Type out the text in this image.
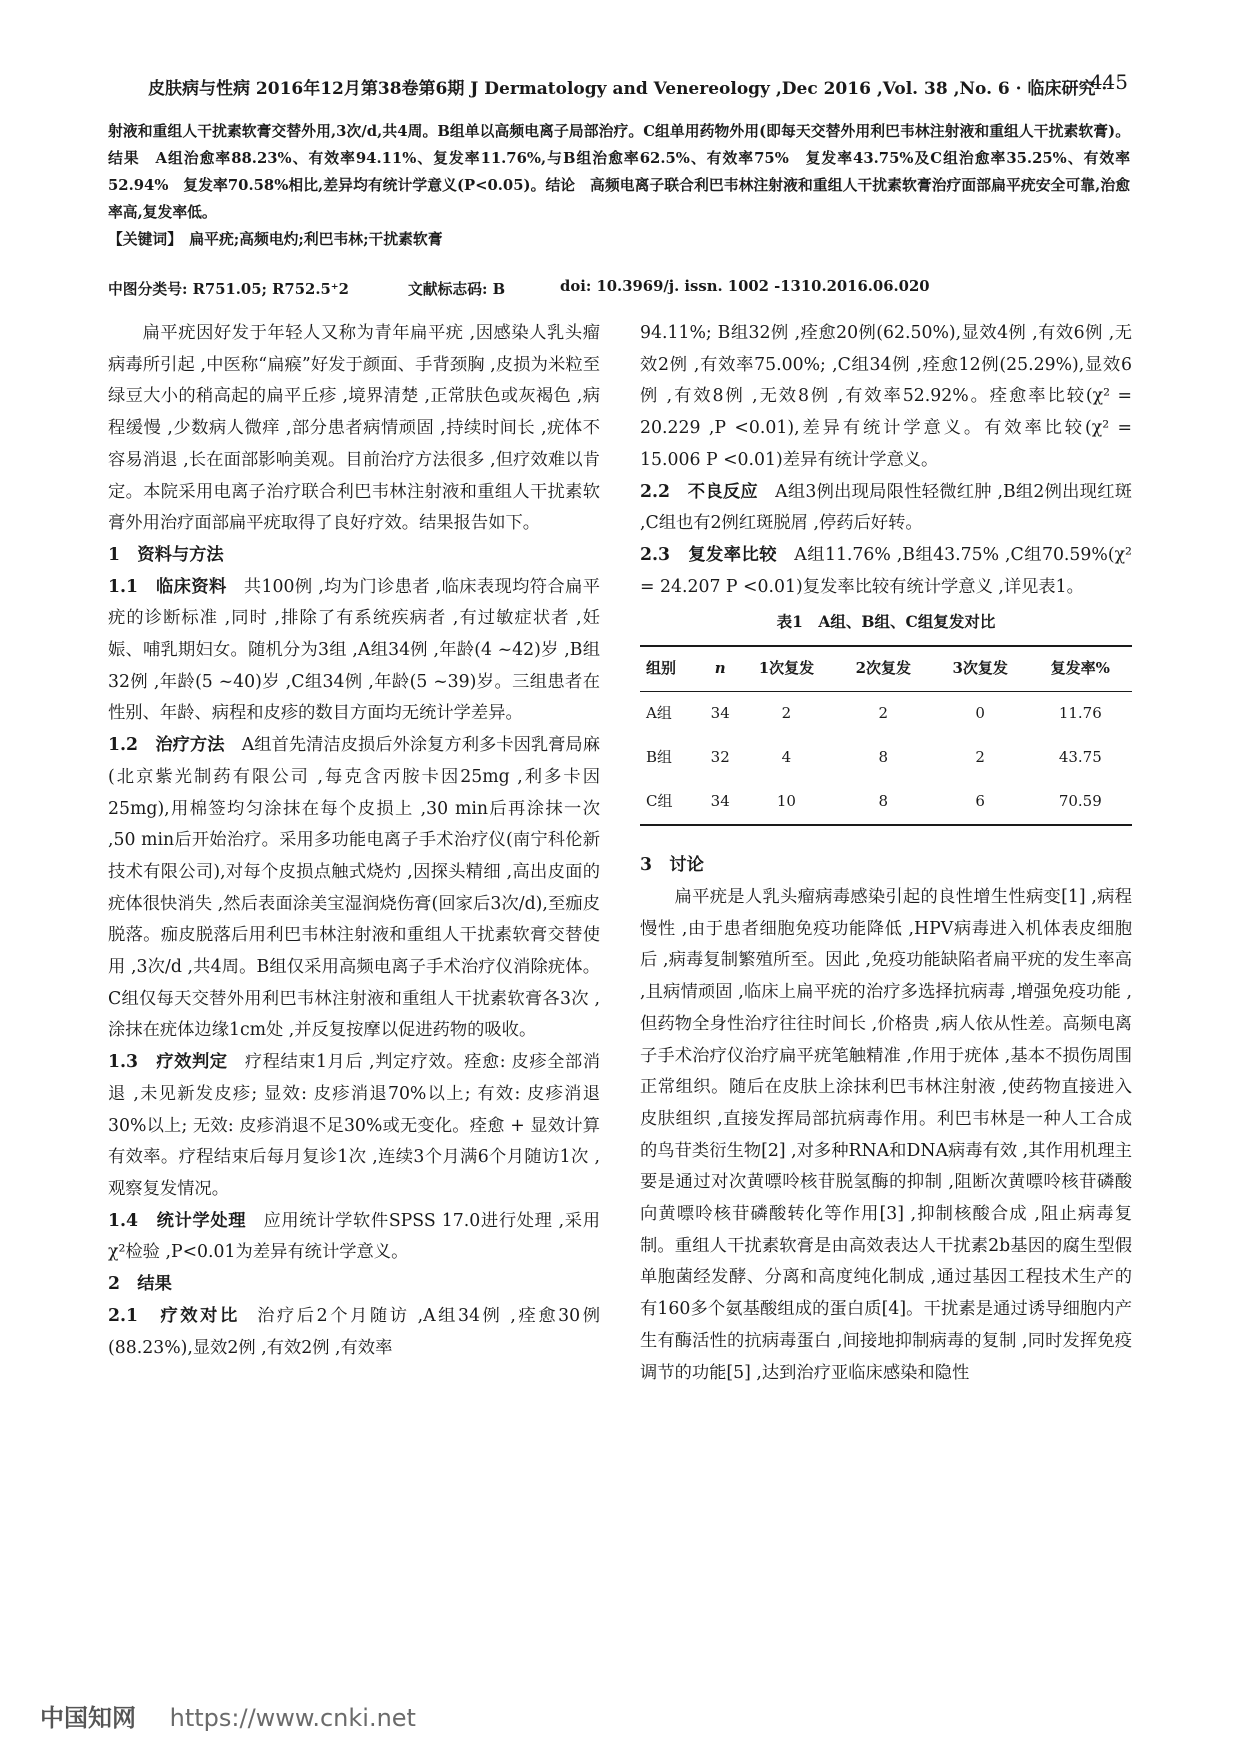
皮肤病与性病 2016年12月第38卷第6期 J Dermatology and Venereology ,Dec 2016 ,Vol. 38 ,No. 6 · 临床研究 ·
445

射液和重组人干扰素软膏交替外用,3次/d,共4周。B组单以高频电离子局部治疗。C组单用药物外用(即每天交替外用利巴韦林注射液和重组人干扰素软膏)。结果　A组治愈率88.23%、有效率94.11%、复发率11.76%,与B组治愈率62.5%、有效率75%　复发率43.75%及C组治愈率35.25%、有效率52.94%　复发率70.58%相比,差异均有统计学意义(P<0.05)。结论　高频电离子联合利巴韦林注射液和重组人干扰素软膏治疗面部扁平疣安全可靠,治愈率高,复发率低。

【关键词】　扁平疣;高频电灼;利巴韦林;干扰素软膏

中图分类号: R751.05; R752.5⁺2	文献标志码: B	doi: 10.3969/j. issn. 1002 -1310.2016.06.020

扁平疣因好发于年轻人又称为青年扁平疣 ,因感染人乳头瘤病毒所引起 ,中医称“扁瘊”好发于颜面、手背颈胸 ,皮损为米粒至绿豆大小的稍高起的扁平丘疹 ,境界清楚 ,正常肤色或灰褐色 ,病程缓慢 ,少数病人微痒 ,部分患者病情顽固 ,持续时间长 ,疣体不容易消退 ,长在面部影响美观。目前治疗方法很多 ,但疗效难以肯定。本院采用电离子治疗联合利巴韦林注射液和重组人干扰素软膏外用治疗面部扁平疣取得了良好疗效。结果报告如下。

1　资料与方法

1.1　临床资料 共100例 ,均为门诊患者 ,临床表现均符合扁平疣的诊断标准 ,同时 ,排除了有系统疾病者 ,有过敏症状者 ,妊娠、哺乳期妇女。随机分为3组 ,A组34例 ,年龄(4 ~42)岁 ,B组32例 ,年龄(5 ~40)岁 ,C组34例 ,年龄(5 ~39)岁。三组患者在性别、年龄、病程和皮疹的数目方面均无统计学差异。

1.2　治疗方法 A组首先清洁皮损后外涂复方利多卡因乳膏局麻(北京紫光制药有限公司 ,每克含丙胺卡因25mg ,利多卡因25mg),用棉签均匀涂抹在每个皮损上 ,30 min后再涂抹一次 ,50 min后开始治疗。采用多功能电离子手术治疗仪(南宁科伦新技术有限公司),对每个皮损点触式烧灼 ,因探头精细 ,高出皮面的疣体很快消失 ,然后表面涂美宝湿润烧伤膏(回家后3次/d),至痂皮脱落。痂皮脱落后用利巴韦林注射液和重组人干扰素软膏交替使用 ,3次/d ,共4周。B组仅采用高频电离子手术治疗仪消除疣体。C组仅每天交替外用利巴韦林注射液和重组人干扰素软膏各3次 ,涂抹在疣体边缘1cm处 ,并反复按摩以促进药物的吸收。

1.3　疗效判定 疗程结束1月后 ,判定疗效。痊愈: 皮疹全部消退 ,未见新发皮疹; 显效: 皮疹消退70%以上; 有效: 皮疹消退30%以上; 无效: 皮疹消退不足30%或无变化。痊愈 + 显效计算有效率。疗程结束后每月复诊1次 ,连续3个月满6个月随访1次 ,观察复发情况。

1.4　统计学处理 应用统计学软件SPSS 17.0进行处理 ,采用χ²检验 ,P<0.01为差异有统计学意义。

2　结果

2.1　疗效对比 治疗后2个月随访 ,A组34例 ,痊愈30例(88.23%),显效2例 ,有效2例 ,有效率

94.11%; B组32例 ,痊愈20例(62.50%),显效4例 ,有效6例 ,无效2例 ,有效率75.00%; ,C组34例 ,痊愈12例(25.29%),显效6例 ,有效8例 ,无效8例 ,有效率52.92%。痊愈率比较(χ² = 20.229 ,P <0.01),差异有统计学意义。有效率比较(χ² = 15.006 P <0.01)差异有统计学意义。

2.2　不良反应 A组3例出现局限性轻微红肿 ,B组2例出现红斑 ,C组也有2例红斑脱屑 ,停药后好转。

2.3　复发率比较 A组11.76% ,B组43.75% ,C组70.59%(χ² = 24.207 P <0.01)复发率比较有统计学意义 ,详见表1。

表1　A组、B组、C组复发对比
组别	n	1次复发	2次复发	3次复发	复发率%
A组	34	2	2	0	11.76
B组	32	4	8	2	43.75
C组	34	10	8	6	70.59

3　讨论

扁平疣是人乳头瘤病毒感染引起的良性增生性病变[1] ,病程慢性 ,由于患者细胞免疫功能降低 ,HPV病毒进入机体表皮细胞后 ,病毒复制繁殖所至。因此 ,免疫功能缺陷者扁平疣的发生率高 ,且病情顽固 ,临床上扁平疣的治疗多选择抗病毒 ,增强免疫功能 ,但药物全身性治疗往往时间长 ,价格贵 ,病人依从性差。高频电离子手术治疗仪治疗扁平疣笔触精准 ,作用于疣体 ,基本不损伤周围正常组织。随后在皮肤上涂抹利巴韦林注射液 ,使药物直接进入皮肤组织 ,直接发挥局部抗病毒作用。利巴韦林是一种人工合成的鸟苷类衍生物[2] ,对多种RNA和DNA病毒有效 ,其作用机理主要是通过对次黄嘌呤核苷脱氢酶的抑制 ,阻断次黄嘌呤核苷磷酸向黄嘌呤核苷磷酸转化等作用[3] ,抑制核酸合成 ,阻止病毒复制。重组人干扰素软膏是由高效表达人干扰素2b基因的腐生型假单胞菌经发酵、分离和高度纯化制成 ,通过基因工程技术生产的有160多个氨基酸组成的蛋白质[4]。干扰素是通过诱导细胞内产生有酶活性的抗病毒蛋白 ,间接地抑制病毒的复制 ,同时发挥免疫调节的功能[5] ,达到治疗亚临床感染和隐性

中国知网 https://www.cnki.net
